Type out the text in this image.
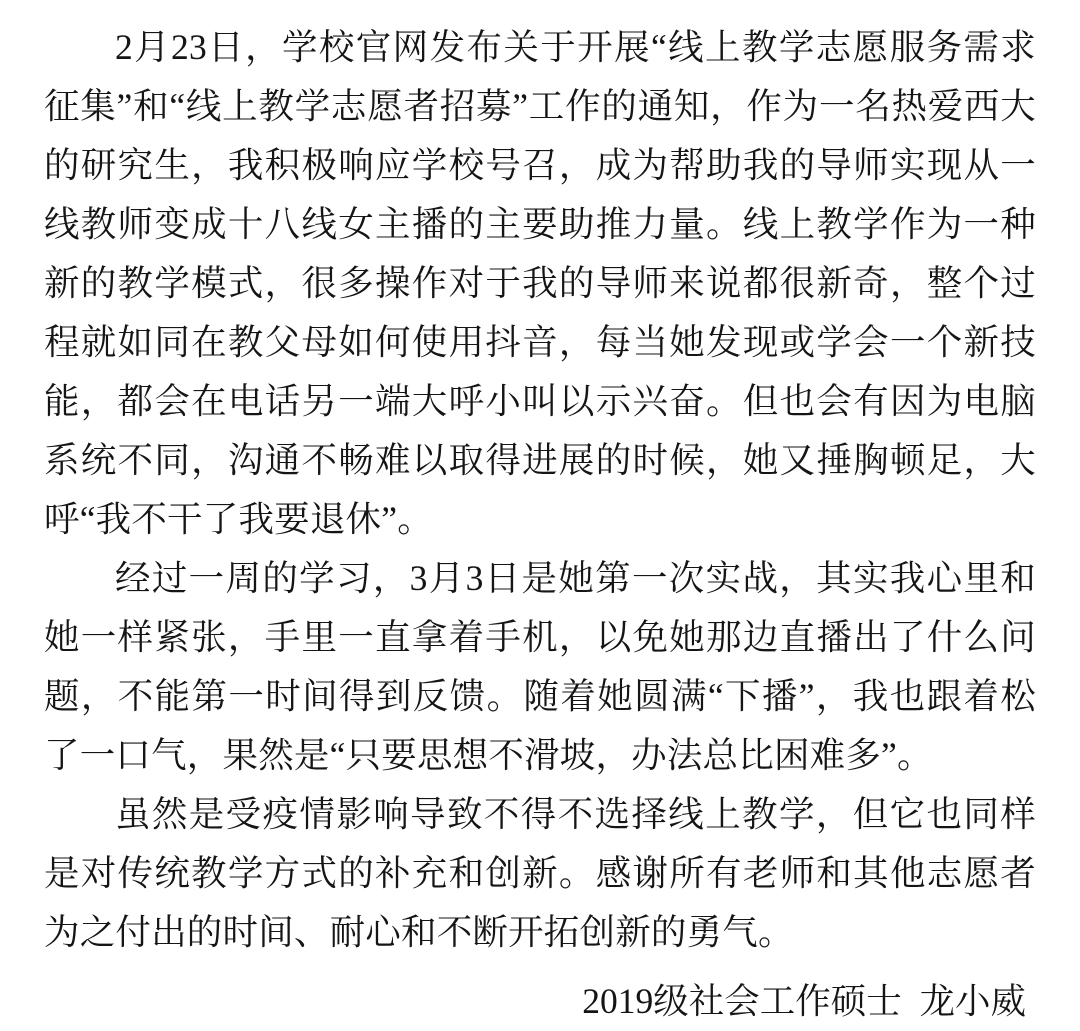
2月23日，学校官网发布关于开展“线上教学志愿服务需求征集”和“线上教学志愿者招募”工作的通知，作为一名热爱西大的研究生，我积极响应学校号召，成为帮助我的导师实现从一线教师变成十八线女主播的主要助推力量。线上教学作为一种新的教学模式，很多操作对于我的导师来说都很新奇，整个过程就如同在教父母如何使用抖音，每当她发现或学会一个新技能，都会在电话另一端大呼小叫以示兴奋。但也会有因为电脑系统不同，沟通不畅难以取得进展的时候，她又捶胸顿足，大呼“我不干了我要退休”。

经过一周的学习，3月3日是她第一次实战，其实我心里和她一样紧张，手里一直拿着手机，以免她那边直播出了什么问题，不能第一时间得到反馈。随着她圆满“下播”，我也跟着松了一口气，果然是“只要思想不滑坡，办法总比困难多”。

虽然是受疫情影响导致不得不选择线上教学，但它也同样是对传统教学方式的补充和创新。感谢所有老师和其他志愿者为之付出的时间、耐心和不断开拓创新的勇气。

2019级社会工作硕士  龙小威
